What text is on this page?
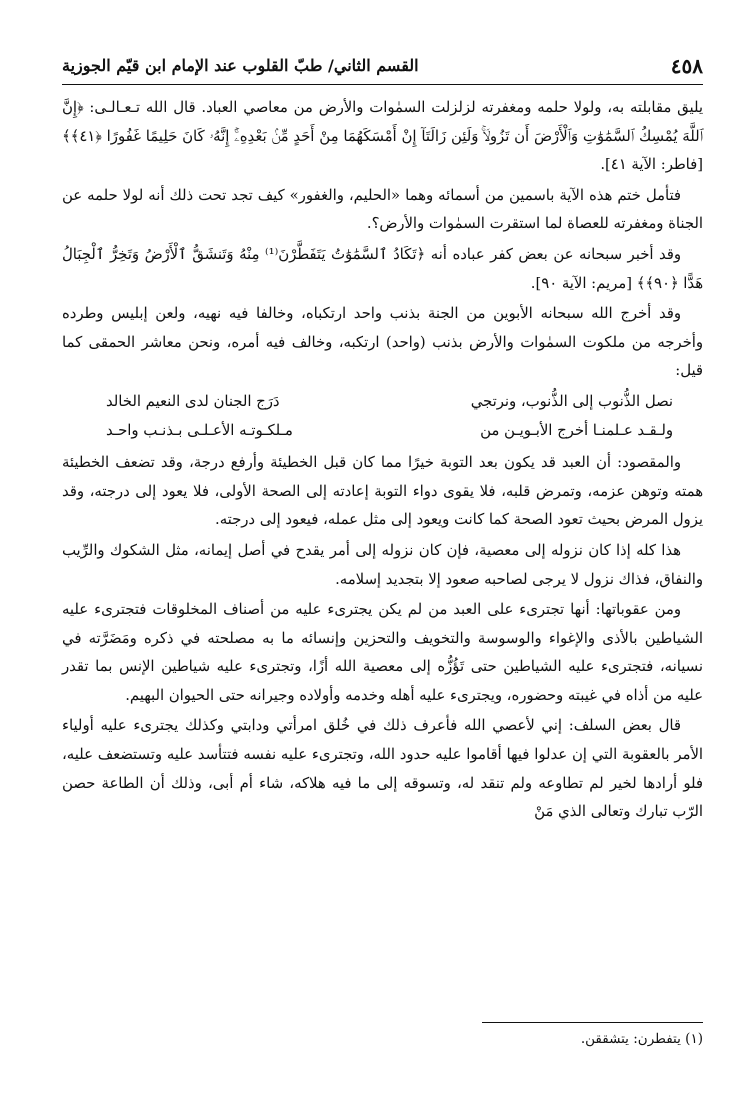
٤٥٨
القسم الثاني/ طبّ القلوب عند الإمام ابن قيّم الجوزية

يليق مقابلته به، ولولا حلمه ومغفرته لزلزلت السمٰوات والأرض من معاصي العباد. قال الله تـعـالـى: ﴿إِنَّ ٱللَّهَ يُمْسِكُ ٱلسَّمَٰوَٰتِ وَٱلْأَرْضَ أَن تَزُولَاۚ وَلَئِن زَالَتَآ إِنْ أَمْسَكَهُمَا مِنْ أَحَدٍ مِّنۢ بَعْدِهِۦٓۚ إِنَّهُۥ كَانَ حَلِيمًا غَفُورًا ﴿٤١﴾﴾ [فاطر: الآية ٤١].

فتأمل ختم هذه الآية باسمين من أسمائه وهما «الحليم، والغفور» كيف تجد تحت ذلك أنه لولا حلمه عن الجناة ومغفرته للعصاة لما استقرت السمٰوات والأرض؟.

وقد أخبر سبحانه عن بعض كفر عباده أنه ﴿تَكَادُ ٱلسَّمَٰوَٰتُ يَتَفَطَّرْنَ⁽¹⁾ مِنْهُ وَتَنشَقُّ ٱلْأَرْضُ وَتَخِرُّ ٱلْجِبَالُ هَدًّا ﴿٩٠﴾﴾ [مريم: الآية ٩٠].

وقد أخرج الله سبحانه الأبوين من الجنة بذنب واحد ارتكباه، وخالفا فيه نهيه، ولعن إبليس وطرده وأخرجه من ملكوت السمٰوات والأرض بذنب (واحد) ارتكبه، وخالف فيه أمره، ونحن معاشر الحمقى كما قيل:

نصل الذُّنوب إلى الذُّنوب، ونرتجي
دَرَج الجنان لدى النعيم الخالد
ولـقـد عـلمنـا أخرج الأبـويـن من
مـلكـوتـه الأعـلـى بـذنـب واحـد

والمقصود: أن العبد قد يكون بعد التوبة خيرًا مما كان قبل الخطيئة وأرفع درجة، وقد تضعف الخطيئة همته وتوهن عزمه، وتمرض قلبه، فلا يقوى دواء التوبة إعادته إلى الصحة الأولى، فلا يعود إلى درجته، وقد يزول المرض بحيث تعود الصحة كما كانت ويعود إلى مثل عمله، فيعود إلى درجته.

هذا كله إذا كان نزوله إلى معصية، فإن كان نزوله إلى أمر يقدح في أصل إيمانه، مثل الشكوك والرِّيب والنفاق، فذاك نزول لا يرجى لصاحبه صعود إلا بتجديد إسلامه.

ومن عقوباتها: أنها تجترىء على العبد من لم يكن يجترىء عليه من أصناف المخلوقات فتجترىء عليه الشياطين بالأذى والإغواء والوسوسة والتخويف والتحزين وإنسائه ما به مصلحته في ذكره ومَضَرَّته في نسيانه، فتجترىء عليه الشياطين حتى تَؤُزُّه إلى معصية الله أزًا، وتجترىء عليه شياطين الإنس بما تقدر عليه من أذاه في غيبته وحضوره، ويجترىء عليه أهله وخدمه وأولاده وجيرانه حتى الحيوان البهيم.

قال بعض السلف: إني لأعصي الله فأعرف ذلك في خُلق امرأتي ودابتي وكذلك يجترىء عليه أولياء الأمر بالعقوبة التي إن عدلوا فيها أقاموا عليه حدود الله، وتجترىء عليه نفسه فتتأسد عليه وتستضعف عليه، فلو أرادها لخير لم تطاوعه ولم تنقد له، وتسوقه إلى ما فيه هلاكه، شاء أم أبى، وذلك أن الطاعة حصن الرّب تبارك وتعالى الذي مَنْ

(١) يتفطرن: يتشققن.
